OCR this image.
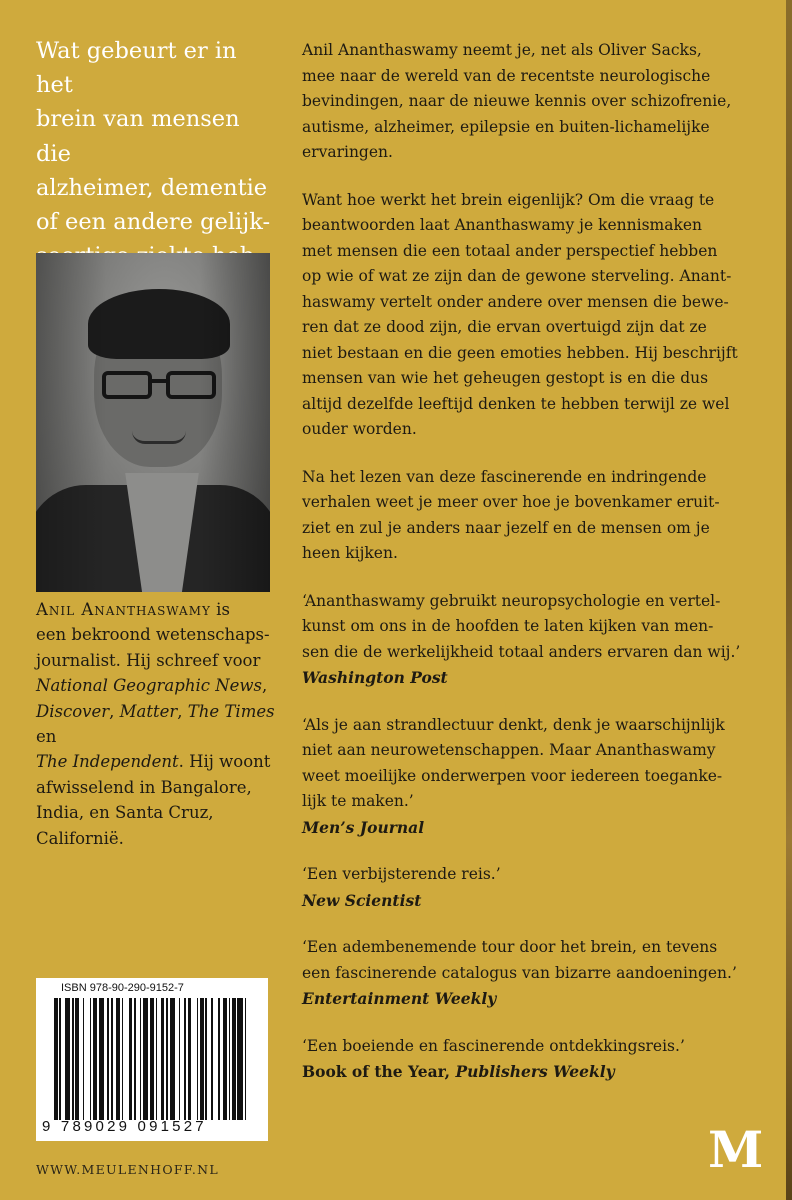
Wat gebeurt er in het
brein van mensen die
alzheimer, dementie
of een andere gelijk-

Anil Ananthaswamy is
een bekroond wetenschaps-
journalist. Hij schreef voor
National Geographic News,
Discover, Matter, The Times en
The Independent. Hij woont
afwisselend in Bangalore,
India, en Santa Cruz,
Californië.
ISBN 978-90-290-9152-7
9 789029 091527
WWW.MEULENHOFF.NL	M

Anil Ananthaswamy neemt je, net als Oliver Sacks,
mee naar de wereld van de recentste neurologische
bevindingen, naar de nieuwe kennis over schizofrenie,
autisme, alzheimer, epilepsie en buiten-lichamelijke
ervaringen.

Want hoe werkt het brein eigenlijk? Om die vraag te
beantwoorden laat Ananthaswamy je kennismaken
met mensen die een totaal ander perspectief hebben
op wie of wat ze zijn dan de gewone sterveling. Anant-
haswamy vertelt onder andere over mensen die bewe-
ren dat ze dood zijn, die ervan overtuigd zijn dat ze
niet bestaan en die geen emoties hebben. Hij beschrijft
mensen van wie het geheugen gestopt is en die dus
altijd dezelfde leeftijd denken te hebben terwijl ze wel
ouder worden.

Na het lezen van deze fascinerende en indringende
verhalen weet je meer over hoe je bovenkamer eruit-
ziet en zul je anders naar jezelf en de mensen om je
heen kijken.

‘Ananthaswamy gebruikt neuropsychologie en vertel-
kunst om ons in de hoofden te laten kijken van men-
sen die de werkelijkheid totaal anders ervaren dan wij.’
Washington Post
‘Als je aan strandlectuur denkt, denk je waarschijnlijk
niet aan neurowetenschappen. Maar Ananthaswamy
weet moeilijke onderwerpen voor iedereen toeganke-
lijk te maken.’
Men’s Journal
‘Een verbijsterende reis.’
New Scientist
‘Een adembenemende tour door het brein, en tevens
een fascinerende catalogus van bizarre aandoeningen.’
Entertainment Weekly
‘Een boeiende en fascinerende ontdekkingsreis.’
Book of the Year, Publishers Weekly
